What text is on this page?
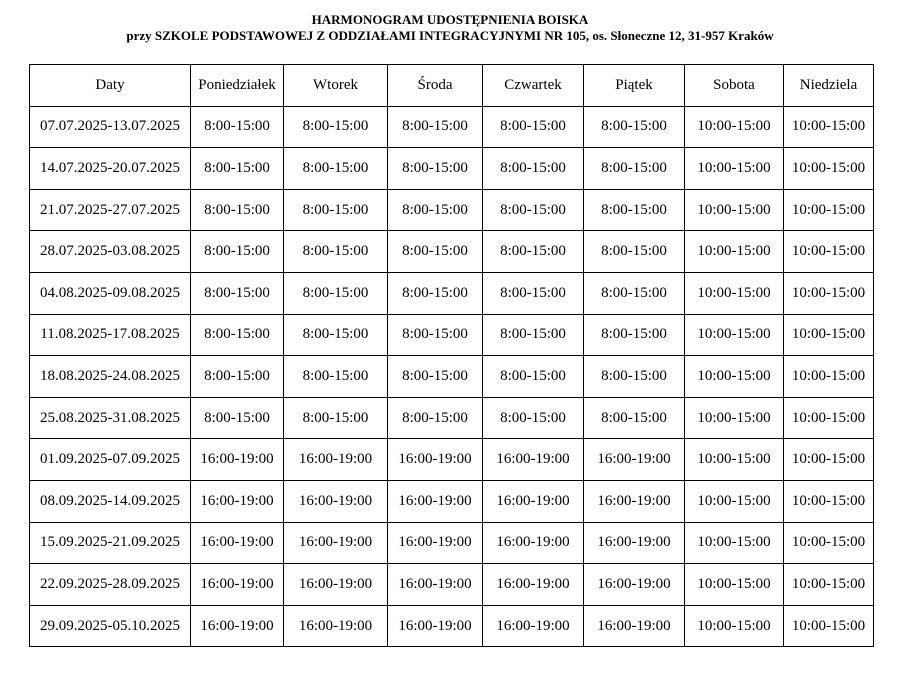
HARMONOGRAM UDOSTĘPNIENIA BOISKA
przy SZKOLE PODSTAWOWEJ Z ODDZIAŁAMI INTEGRACYJNYMI NR 105, os. Słoneczne 12, 31-957 Kraków
Daty	Poniedziałek	Wtorek	Środa	Czwartek	Piątek	Sobota	Niedziela
07.07.2025-13.07.2025	8:00-15:00	8:00-15:00	8:00-15:00	8:00-15:00	8:00-15:00	10:00-15:00	10:00-15:00
14.07.2025-20.07.2025	8:00-15:00	8:00-15:00	8:00-15:00	8:00-15:00	8:00-15:00	10:00-15:00	10:00-15:00
21.07.2025-27.07.2025	8:00-15:00	8:00-15:00	8:00-15:00	8:00-15:00	8:00-15:00	10:00-15:00	10:00-15:00
28.07.2025-03.08.2025	8:00-15:00	8:00-15:00	8:00-15:00	8:00-15:00	8:00-15:00	10:00-15:00	10:00-15:00
04.08.2025-09.08.2025	8:00-15:00	8:00-15:00	8:00-15:00	8:00-15:00	8:00-15:00	10:00-15:00	10:00-15:00
11.08.2025-17.08.2025	8:00-15:00	8:00-15:00	8:00-15:00	8:00-15:00	8:00-15:00	10:00-15:00	10:00-15:00
18.08.2025-24.08.2025	8:00-15:00	8:00-15:00	8:00-15:00	8:00-15:00	8:00-15:00	10:00-15:00	10:00-15:00
25.08.2025-31.08.2025	8:00-15:00	8:00-15:00	8:00-15:00	8:00-15:00	8:00-15:00	10:00-15:00	10:00-15:00
01.09.2025-07.09.2025	16:00-19:00	16:00-19:00	16:00-19:00	16:00-19:00	16:00-19:00	10:00-15:00	10:00-15:00
08.09.2025-14.09.2025	16:00-19:00	16:00-19:00	16:00-19:00	16:00-19:00	16:00-19:00	10:00-15:00	10:00-15:00
15.09.2025-21.09.2025	16:00-19:00	16:00-19:00	16:00-19:00	16:00-19:00	16:00-19:00	10:00-15:00	10:00-15:00
22.09.2025-28.09.2025	16:00-19:00	16:00-19:00	16:00-19:00	16:00-19:00	16:00-19:00	10:00-15:00	10:00-15:00
29.09.2025-05.10.2025	16:00-19:00	16:00-19:00	16:00-19:00	16:00-19:00	16:00-19:00	10:00-15:00	10:00-15:00
